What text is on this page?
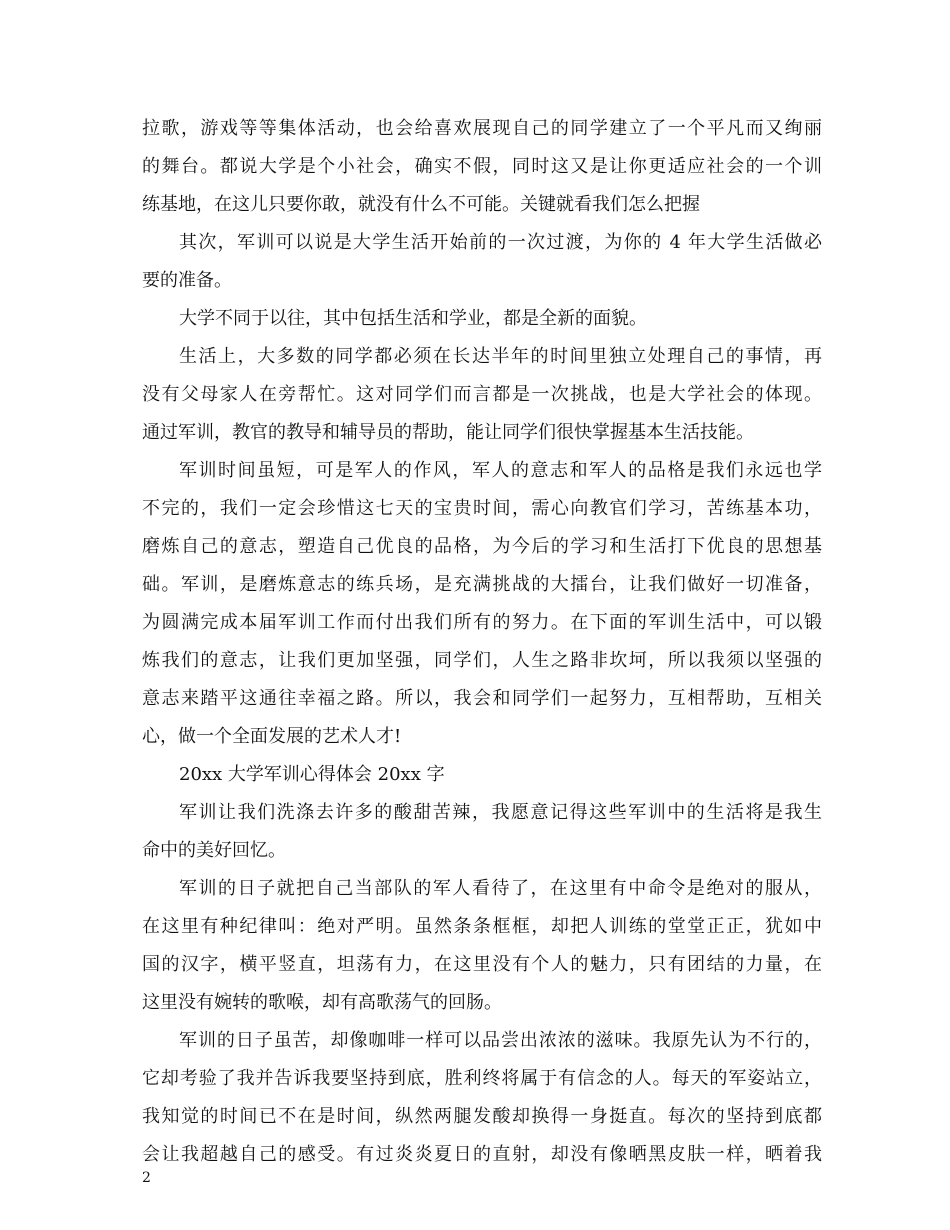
拉歌，游戏等等集体活动，也会给喜欢展现自己的同学建立了一个平凡而又绚丽
的舞台。都说大学是个小社会，确实不假，同时这又是让你更适应社会的一个训
练基地，在这儿只要你敢，就没有什么不可能。关键就看我们怎么把握
其次，军训可以说是大学生活开始前的一次过渡，为你的 4 年大学生活做必
要的准备。
大学不同于以往，其中包括生活和学业，都是全新的面貌。
生活上，大多数的同学都必须在长达半年的时间里独立处理自己的事情，再
没有父母家人在旁帮忙。这对同学们而言都是一次挑战，也是大学社会的体现。
通过军训，教官的教导和辅导员的帮助，能让同学们很快掌握基本生活技能。
军训时间虽短，可是军人的作风，军人的意志和军人的品格是我们永远也学
不完的，我们一定会珍惜这七天的宝贵时间，需心向教官们学习，苦练基本功，
磨炼自己的意志，塑造自己优良的品格，为今后的学习和生活打下优良的思想基
础。军训，是磨炼意志的练兵场，是充满挑战的大擂台，让我们做好一切准备，
为圆满完成本届军训工作而付出我们所有的努力。在下面的军训生活中，可以锻
炼我们的意志，让我们更加坚强，同学们，人生之路非坎坷，所以我须以坚强的
意志来踏平这通往幸福之路。所以，我会和同学们一起努力，互相帮助，互相关
心，做一个全面发展的艺术人才!
20xx 大学军训心得体会 20xx 字
军训让我们洗涤去许多的酸甜苦辣，我愿意记得这些军训中的生活将是我生
命中的美好回忆。
军训的日子就把自己当部队的军人看待了，在这里有中命令是绝对的服从，
在这里有种纪律叫：绝对严明。虽然条条框框，却把人训练的堂堂正正，犹如中
国的汉字，横平竖直，坦荡有力，在这里没有个人的魅力，只有团结的力量，在
这里没有婉转的歌喉，却有高歌荡气的回肠。
军训的日子虽苦，却像咖啡一样可以品尝出浓浓的滋味。我原先认为不行的，
它却考验了我并告诉我要坚持到底，胜利终将属于有信念的人。每天的军姿站立，
我知觉的时间已不在是时间，纵然两腿发酸却换得一身挺直。每次的坚持到底都
会让我超越自己的感受。有过炎炎夏日的直射，却没有像晒黑皮肤一样，晒着我
2
